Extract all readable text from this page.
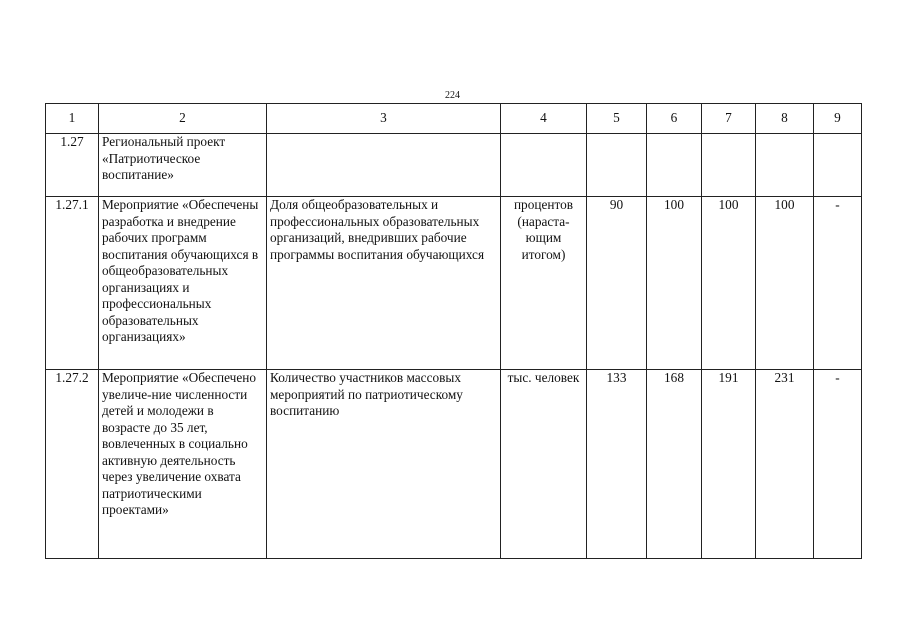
224
1	2	3	4	5	6	7	8	9
1.27	Региональный проект «Патриотическое воспитание»							
1.27.1	Мероприятие «Обеспечены разработка и внедрение рабочих программ воспитания обучающихся в общеобразовательных организациях и профессиональных образовательных организациях»	Доля общеобразовательных и профессиональных образовательных организаций, внедривших рабочие программы воспитания обучающихся	процентов (нараста-ющим итогом)	90	100	100	100	-
1.27.2	Мероприятие «Обеспечено увеличе-ние численности детей и молодежи в возрасте до 35 лет, вовлеченных в социально активную деятельность через увеличение охвата патриотическими проектами»	Количество участников массовых мероприятий по патриотическому воспитанию	тыс. человек	133	168	191	231	-
